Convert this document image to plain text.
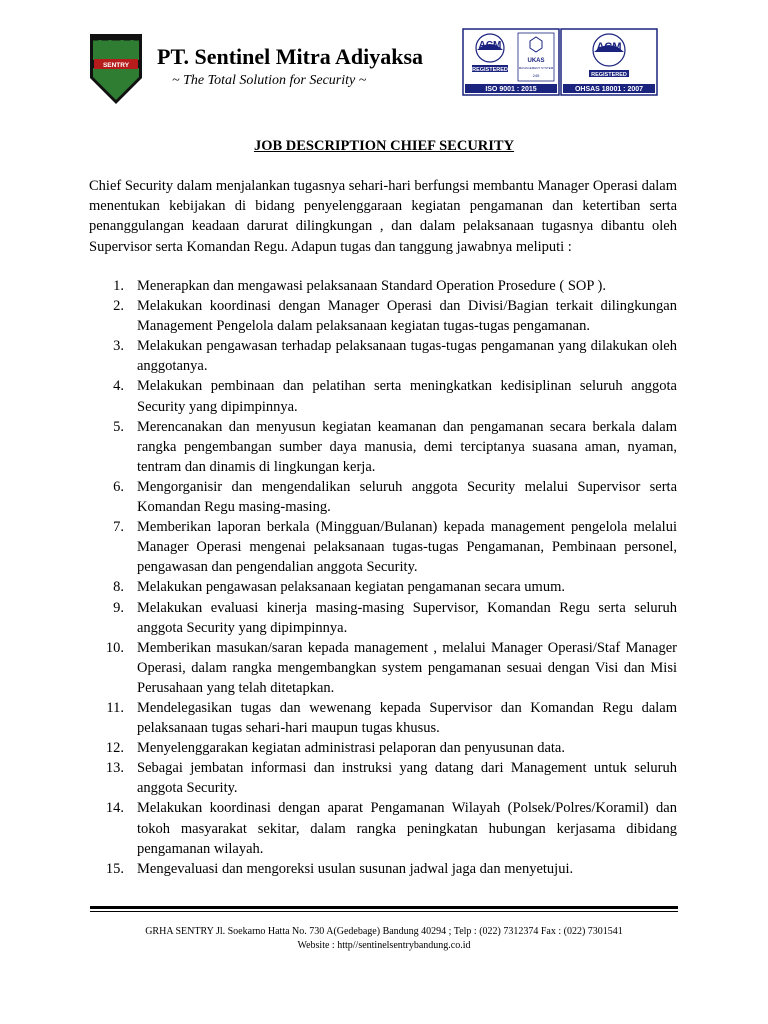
SENTRY PT. Sentinel Mitra Adiyaksa
~ The Total Solution for Security ~
ACM
REGISTERED
UKAS
MANAGEMENT SYSTEM
245
ISO 9001 : 2015
ACM
REGISTERED
OHSAS 18001 : 2007
JOB DESCRIPTION CHIEF SECURITY

Chief Security dalam menjalankan tugasnya sehari-hari berfungsi membantu Manager Operasi dalam menentukan kebijakan di bidang penyelenggaraan kegiatan pengamanan dan ketertiban serta penanggulangan keadaan darurat dilingkungan , dan dalam pelaksanaan tugasnya dibantu oleh Supervisor serta Komandan Regu. Adapun tugas dan tanggung jawabnya meliputi :

1. Menerapkan dan mengawasi pelaksanaan Standard Operation Prosedure ( SOP ).
2. Melakukan koordinasi dengan Manager Operasi dan Divisi/Bagian terkait dilingkungan Management Pengelola dalam pelaksanaan kegiatan tugas-tugas pengamanan.
3. Melakukan pengawasan terhadap pelaksanaan tugas-tugas pengamanan yang dilakukan oleh anggotanya.
4. Melakukan pembinaan dan pelatihan serta meningkatkan kedisiplinan seluruh anggota Security yang dipimpinnya.
5. Merencanakan dan menyusun kegiatan keamanan dan pengamanan secara berkala dalam rangka pengembangan sumber daya manusia, demi terciptanya suasana aman, nyaman, tentram dan dinamis di lingkungan kerja.
6. Mengorganisir dan mengendalikan seluruh anggota Security melalui Supervisor serta Komandan Regu masing-masing.
7. Memberikan laporan berkala (Mingguan/Bulanan) kepada management pengelola melalui Manager Operasi mengenai pelaksanaan tugas-tugas Pengamanan, Pembinaan personel, pengawasan dan pengendalian anggota Security.
8. Melakukan pengawasan pelaksanaan kegiatan pengamanan secara umum.
9. Melakukan evaluasi kinerja masing-masing Supervisor, Komandan Regu serta seluruh anggota Security yang dipimpinnya.
10. Memberikan masukan/saran kepada management , melalui Manager Operasi/Staf Manager Operasi, dalam rangka mengembangkan system pengamanan sesuai dengan Visi dan Misi Perusahaan yang telah ditetapkan.
11. Mendelegasikan tugas dan wewenang kepada Supervisor dan Komandan Regu dalam pelaksanaan tugas sehari-hari maupun tugas khusus.
12. Menyelenggarakan kegiatan administrasi pelaporan dan penyusunan data.
13. Sebagai jembatan informasi dan instruksi yang datang dari Management untuk seluruh anggota Security.
14. Melakukan koordinasi dengan aparat Pengamanan Wilayah (Polsek/Polres/Koramil) dan tokoh masyarakat sekitar, dalam rangka peningkatan hubungan kerjasama dibidang pengamanan wilayah.
15. Mengevaluasi dan mengoreksi usulan susunan jadwal jaga dan menyetujui.
GRHA SENTRY Jl. Soekarno Hatta No. 730 A(Gedebage) Bandung 40294 ; Telp : (022) 7312374 Fax : (022) 7301541
Website : http//sentinelsentrybandung.co.id
